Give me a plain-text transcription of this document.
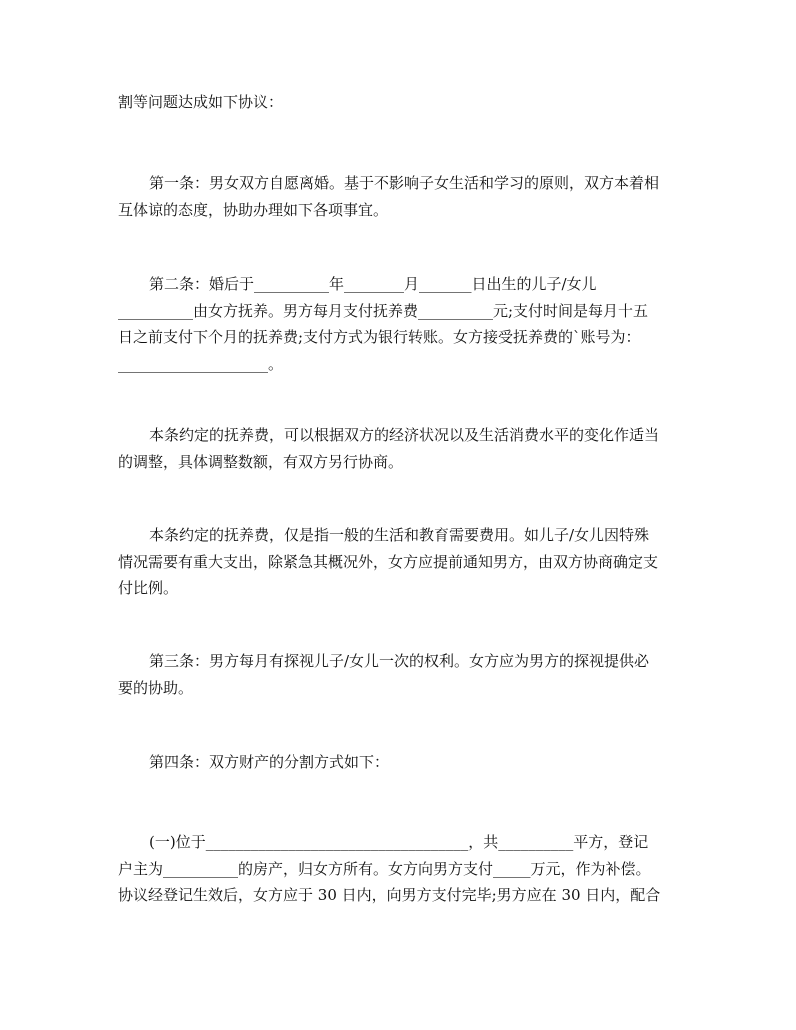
割等问题达成如下协议：
第一条：男女双方自愿离婚。基于不影响子女生活和学习的原则，双方本着相
互体谅的态度，协助办理如下各项事宜。
第二条：婚后于__________年________月_______日出生的儿子/女儿
__________由女方抚养。男方每月支付抚养费__________元;支付时间是每月十五
日之前支付下个月的抚养费;支付方式为银行转账。女方接受抚养费的`账号为：
____________________。
本条约定的抚养费，可以根据双方的经济状况以及生活消费水平的变化作适当
的调整，具体调整数额，有双方另行协商。
本条约定的抚养费，仅是指一般的生活和教育需要费用。如儿子/女儿因特殊
情况需要有重大支出，除紧急其概况外，女方应提前通知男方，由双方协商确定支
付比例。
第三条：男方每月有探视儿子/女儿一次的权利。女方应为男方的探视提供必
要的协助。
第四条：双方财产的分割方式如下：
(一)位于___________________________________，共__________平方，登记
户主为__________的房产，归女方所有。女方向男方支付_____万元，作为补偿。
协议经登记生效后，女方应于 30 日内，向男方支付完毕;男方应在 30 日内，配合
